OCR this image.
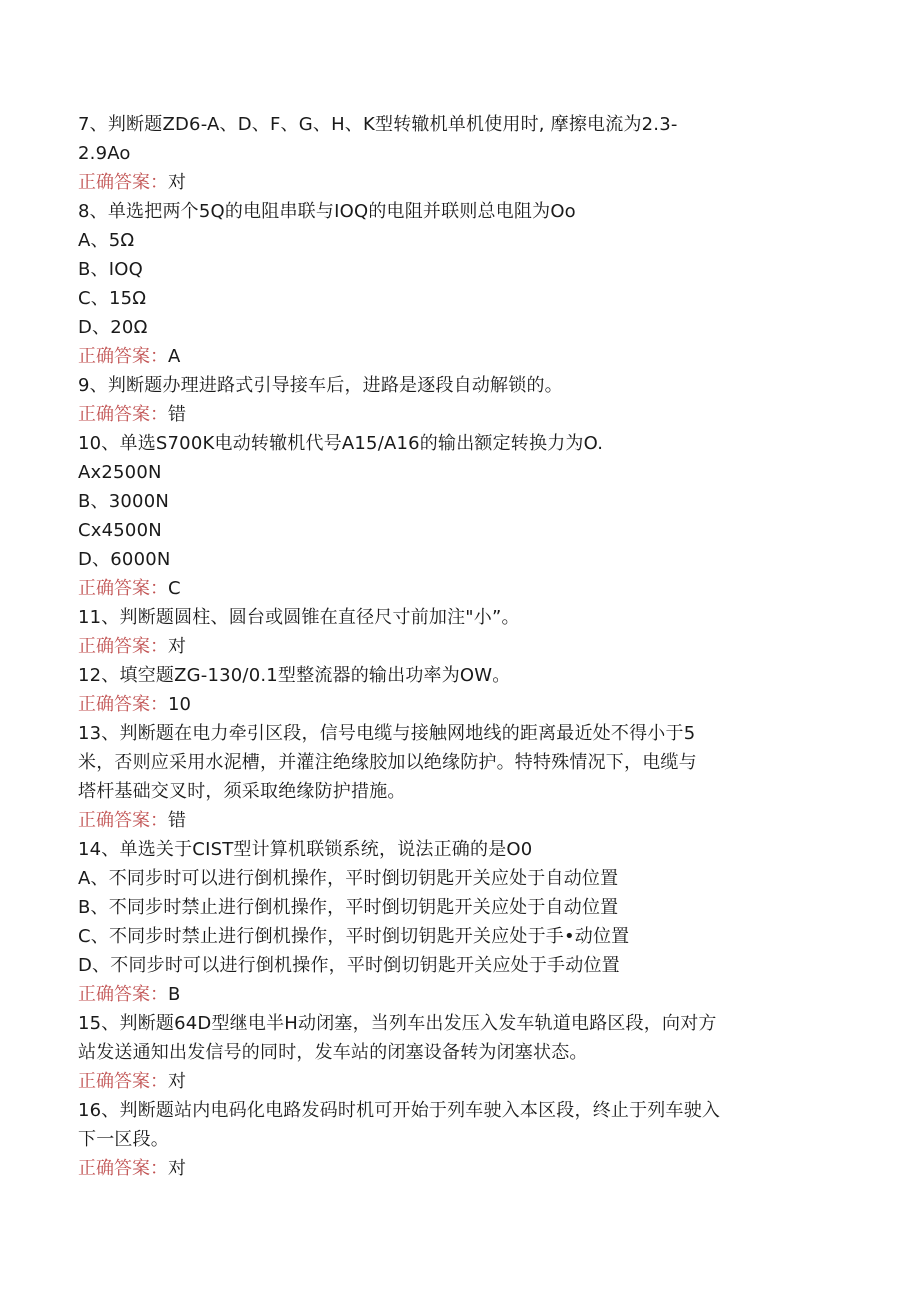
7、判断题ZD6-A、D、F、G、H、K型转辙机单机使用时, 摩擦电流为2.3-
2.9Ao
正确答案：对
8、单选把两个5Q的电阻串联与IOQ的电阻并联则总电阻为Oo
A、5Ω
B、IOQ
C、15Ω
D、20Ω
正确答案：A
9、判断题办理进路式引导接车后，进路是逐段自动解锁的。
正确答案：错
10、单选S700K电动转辙机代号A15/A16的输出额定转换力为O.
Ax2500N
B、3000N
Cx4500N
D、6000N
正确答案：C
11、判断题圆柱、圆台或圆锥在直径尺寸前加注"小”。
正确答案：对
12、填空题ZG-130/0.1型整流器的输出功率为OW。
正确答案：10
13、判断题在电力牵引区段，信号电缆与接触网地线的距离最近处不得小于5
米，否则应采用水泥槽，并灌注绝缘胶加以绝缘防护。特特殊情况下，电缆与
塔杆基础交叉时，须采取绝缘防护措施。
正确答案：错
14、单选关于CIST型计算机联锁系统，说法正确的是O0
A、不同步时可以进行倒机操作，平时倒切钥匙开关应处于自动位置
B、不同步时禁止进行倒机操作，平时倒切钥匙开关应处于自动位置
C、不同步时禁止进行倒机操作，平时倒切钥匙开关应处于手•动位置
D、不同步时可以进行倒机操作，平时倒切钥匙开关应处于手动位置
正确答案：B
15、判断题64D型继电半H动闭塞，当列车出发压入发车轨道电路区段，向对方
站发送通知出发信号的同时，发车站的闭塞设备转为闭塞状态。
正确答案：对
16、判断题站内电码化电路发码时机可开始于列车驶入本区段，终止于列车驶入
下一区段。
正确答案：对
